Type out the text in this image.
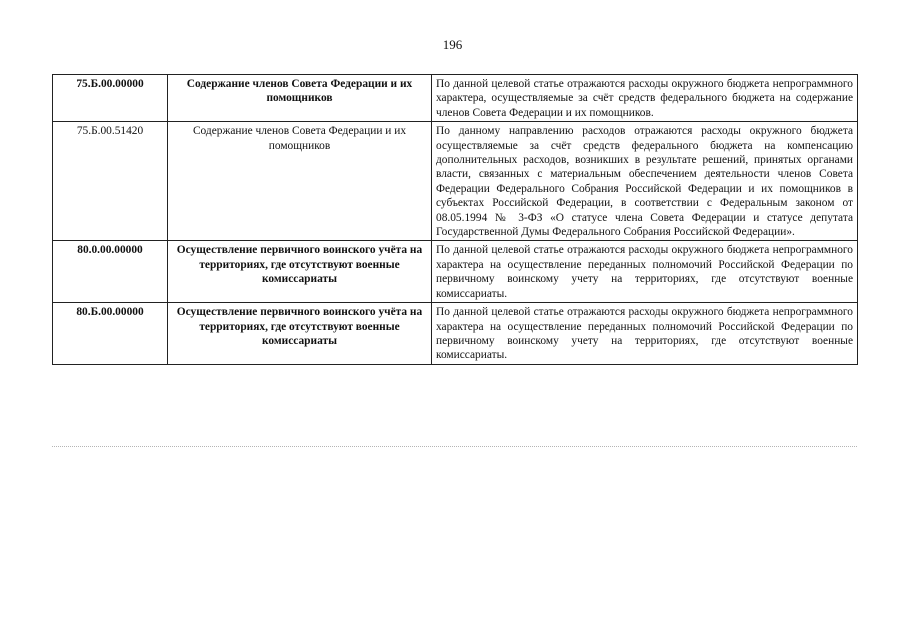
196
75.Б.00.00000	Содержание членов Совета Федерации и их помощников	По данной целевой статье отражаются расходы окружного бюджета непрограммного характера, осуществляемые за счёт средств федерального бюджета на содержание членов Совета Федерации и их помощников.
75.Б.00.51420	Содержание членов Совета Федерации и их помощников	По данному направлению расходов отражаются расходы окружного бюджета осуществляемые за счёт средств федерального бюджета на компенсацию дополнительных расходов, возникших в результате решений, принятых органами власти, связанных с материальным обеспечением деятельности членов Совета Федерации Федерального Собрания Российской Федерации и их помощников в субъектах Российской Федерации, в соответствии с Федеральным законом от 08.05.1994 № 3-ФЗ «О статусе члена Совета Федерации и статусе депутата Государственной Думы Федерального Собрания Российской Федерации».
80.0.00.00000	Осуществление первичного воинского учёта на территориях, где отсутствуют военные комиссариаты	По данной целевой статье отражаются расходы окружного бюджета непрограммного характера на осуществление переданных полномочий Российской Федерации по первичному воинскому учету на территориях, где отсутствуют военные комиссариаты.
80.Б.00.00000	Осуществление первичного воинского учёта на территориях, где отсутствуют военные комиссариаты	По данной целевой статье отражаются расходы окружного бюджета непрограммного характера на осуществление переданных полномочий Российской Федерации по первичному воинскому учету на территориях, где отсутствуют военные комиссариаты.
